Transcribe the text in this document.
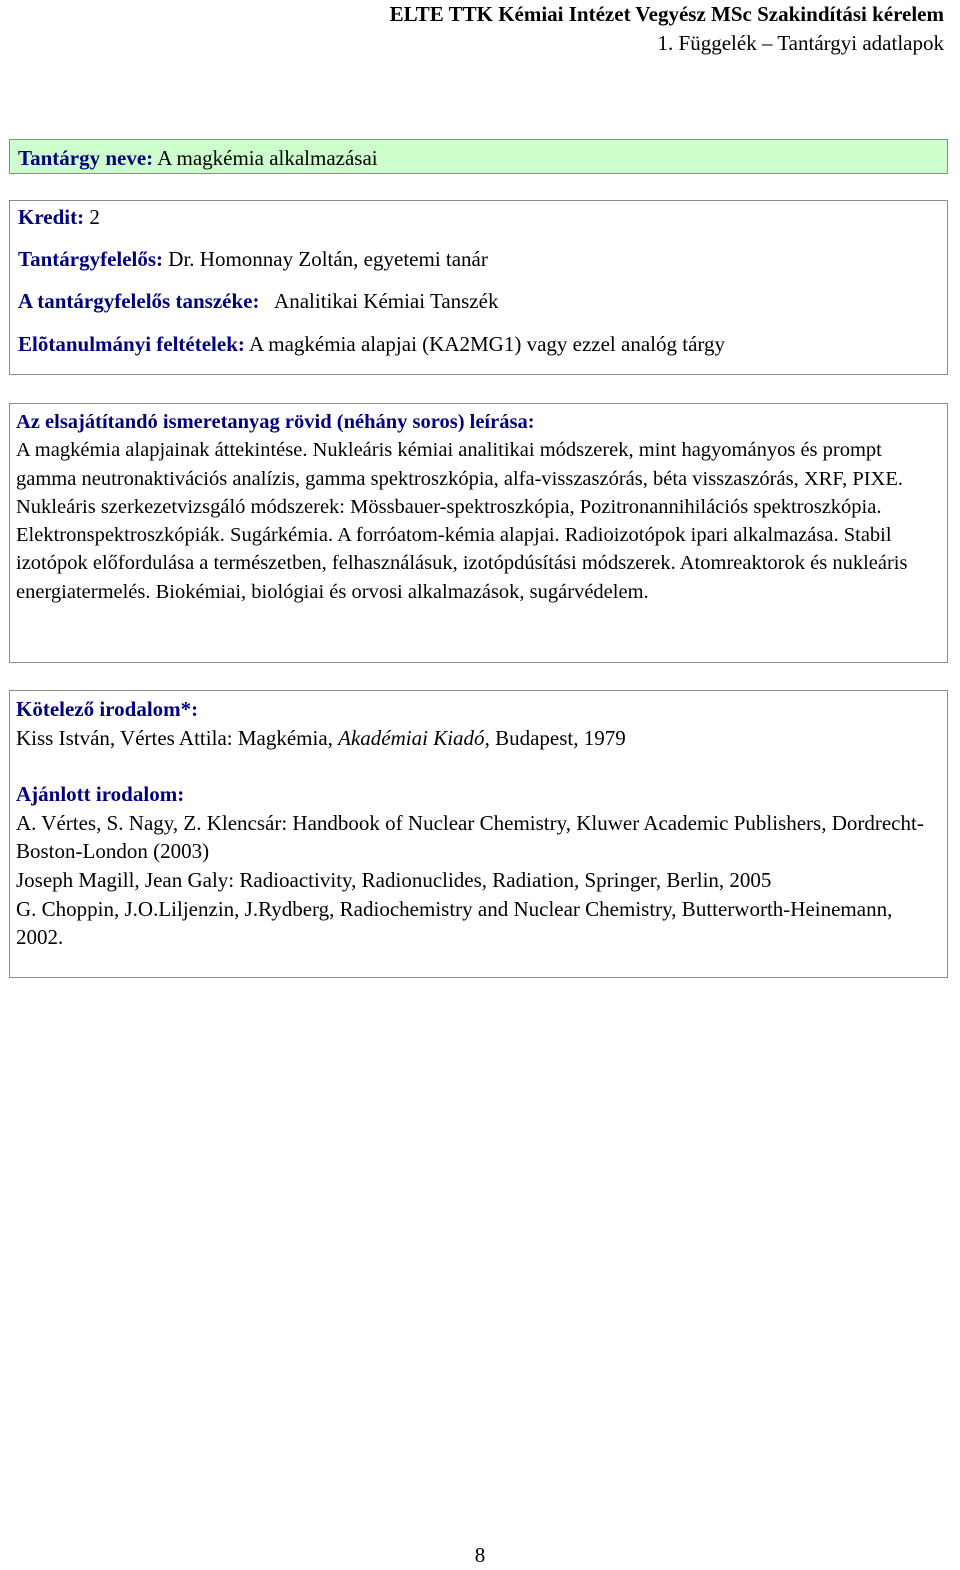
ELTE TTK Kémiai Intézet Vegyész MSc Szakindítási kérelem
1. Függelék – Tantárgyi adatlapok
Tantárgy neve: A magkémia alkalmazásai
Kredit: 2
Tantárgyfelelős: Dr. Homonnay Zoltán, egyetemi tanár
A tantárgyfelelős tanszéke:   Analitikai Kémiai Tanszék
Elõtanulmányi feltételek: A magkémia alapjai (KA2MG1) vagy ezzel analóg tárgy

Az elsajátítandó ismeretanyag rövid (néhány soros) leírása:

A magkémia alapjainak áttekintése. Nukleáris kémiai analitikai módszerek, mint hagyományos és prompt gamma neutronaktivációs analízis, gamma spektroszkópia, alfa-visszaszórás, béta visszaszórás, XRF, PIXE. Nukleáris szerkezetvizsgáló módszerek: Mössbauer-spektroszkópia, Pozitronannihilációs spektroszkópia. Elektronspektroszkópiák. Sugárkémia. A forróatom-kémia alapjai. Radioizotópok ipari alkalmazása. Stabil izotópok előfordulása a természetben, felhasználásuk, izotópdúsítási módszerek. Atomreaktorok és nukleáris energiatermelés. Biokémiai, biológiai és orvosi alkalmazások, sugárvédelem.

Kötelező irodalom*:

Kiss István, Vértes Attila: Magkémia, Akadémiai Kiadó, Budapest, 1979

Ajánlott irodalom:

A. Vértes, S. Nagy, Z. Klencsár: Handbook of Nuclear Chemistry, Kluwer Academic Publishers, Dordrecht-Boston-London (2003)

Joseph Magill, Jean Galy: Radioactivity, Radionuclides, Radiation, Springer, Berlin, 2005

G. Choppin, J.O.Liljenzin, J.Rydberg, Radiochemistry and Nuclear Chemistry, Butterworth-Heinemann, 2002.

8
